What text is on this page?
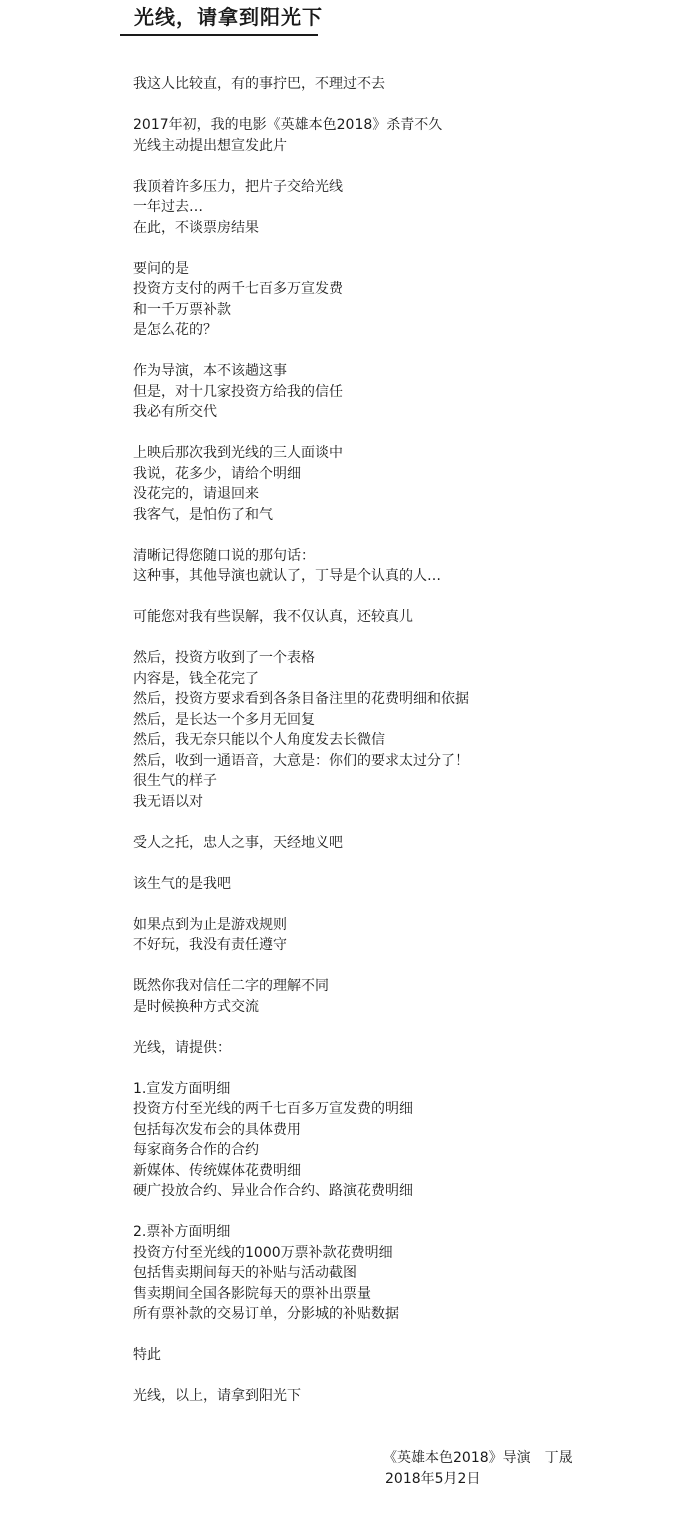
光线，请拿到阳光下
我这人比较直，有的事拧巴，不理过不去
2017年初，我的电影《英雄本色2018》杀青不久
光线主动提出想宣发此片
我顶着许多压力，把片子交给光线
一年过去…
在此，不谈票房结果
要问的是
投资方支付的两千七百多万宣发费
和一千万票补款
是怎么花的？
作为导演，本不该趟这事
但是，对十几家投资方给我的信任
我必有所交代
上映后那次我到光线的三人面谈中
我说，花多少，请给个明细
没花完的，请退回来
我客气，是怕伤了和气
清晰记得您随口说的那句话：
这种事，其他导演也就认了，丁导是个认真的人…
可能您对我有些误解，我不仅认真，还较真儿
然后，投资方收到了一个表格
内容是，钱全花完了
然后，投资方要求看到各条目备注里的花费明细和依据
然后，是长达一个多月无回复
然后，我无奈只能以个人角度发去长微信
然后，收到一通语音，大意是：你们的要求太过分了！
很生气的样子
我无语以对
受人之托，忠人之事，天经地义吧
该生气的是我吧
如果点到为止是游戏规则
不好玩，我没有责任遵守
既然你我对信任二字的理解不同
是时候换种方式交流
光线，请提供：
1.宣发方面明细
投资方付至光线的两千七百多万宣发费的明细
包括每次发布会的具体费用
每家商务合作的合约
新媒体、传统媒体花费明细
硬广投放合约、异业合作合约、路演花费明细
2.票补方面明细
投资方付至光线的1000万票补款花费明细
包括售卖期间每天的补贴与活动截图
售卖期间全国各影院每天的票补出票量
所有票补款的交易订单，分影城的补贴数据
特此
光线，以上，请拿到阳光下
《英雄本色2018》导演　丁晟
2018年5月2日
